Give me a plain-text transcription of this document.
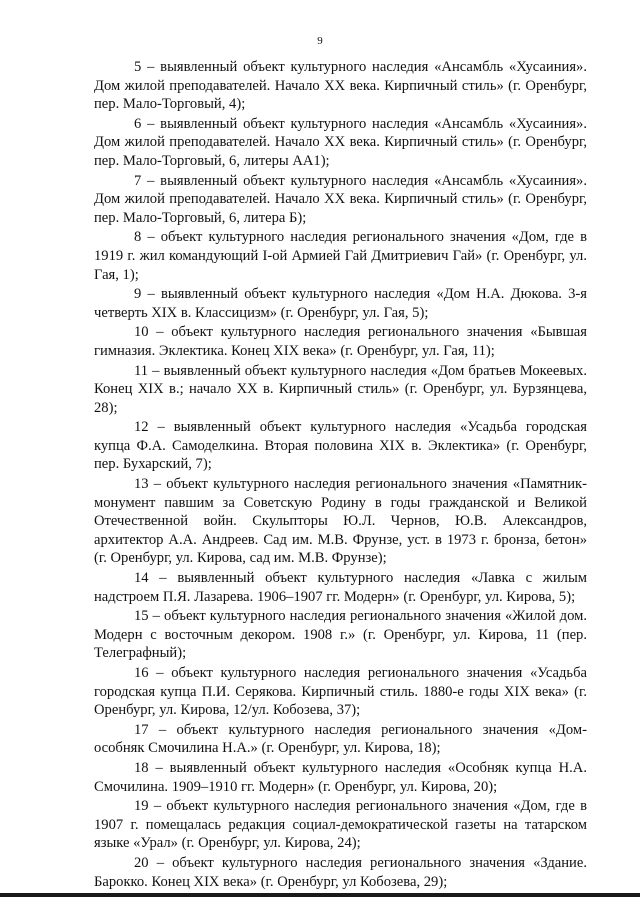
9

5 – выявленный объект культурного наследия «Ансамбль «Хусаиния». Дом жилой преподавателей. Начало XX века. Кирпичный стиль» (г. Оренбург, пер. Мало-Торговый, 4);

6 – выявленный объект культурного наследия «Ансамбль «Хусаиния». Дом жилой преподавателей. Начало XX века. Кирпичный стиль» (г. Оренбург, пер. Мало-Торговый, 6, литеры АА1);

7 – выявленный объект культурного наследия «Ансамбль «Хусаиния». Дом жилой преподавателей. Начало XX века. Кирпичный стиль» (г. Оренбург, пер. Мало-Торговый, 6, литера Б);

8 – объект культурного наследия регионального значения «Дом, где в 1919 г. жил командующий I-ой Армией Гай Дмитриевич Гай» (г. Оренбург, ул. Гая, 1);

9 – выявленный объект культурного наследия «Дом Н.А. Дюкова. 3-я четверть XIX в. Классицизм» (г. Оренбург, ул. Гая, 5);

10 – объект культурного наследия регионального значения «Бывшая гимназия. Эклектика. Конец XIX века» (г. Оренбург, ул. Гая, 11);

11 – выявленный объект культурного наследия «Дом братьев Мокеевых. Конец XIX в.; начало XX в. Кирпичный стиль» (г. Оренбург, ул. Бурзянцева, 28);

12 – выявленный объект культурного наследия «Усадьба городская купца Ф.А. Самоделкина. Вторая половина XIX в. Эклектика» (г. Оренбург, пер. Бухарский, 7);

13 – объект культурного наследия регионального значения «Памятник-монумент павшим за Советскую Родину в годы гражданской и Великой Отечественной войн. Скульпторы Ю.Л. Чернов, Ю.В. Александров, архитектор А.А. Андреев. Сад им. М.В. Фрунзе, уст. в 1973 г. бронза, бетон» (г. Оренбург, ул. Кирова, сад им. М.В. Фрунзе);

14 – выявленный объект культурного наследия «Лавка с жилым надстроем П.Я. Лазарева. 1906–1907 гг. Модерн» (г. Оренбург, ул. Кирова, 5);

15 – объект культурного наследия регионального значения «Жилой дом. Модерн с восточным декором. 1908 г.» (г. Оренбург, ул. Кирова, 11 (пер. Телеграфный);

16 – объект культурного наследия регионального значения «Усадьба городская купца П.И. Серякова. Кирпичный стиль. 1880-е годы XIX века» (г. Оренбург, ул. Кирова, 12/ул. Кобозева, 37);

17 – объект культурного наследия регионального значения «Дом-особняк Смочилина Н.А.» (г. Оренбург, ул. Кирова, 18);

18 – выявленный объект культурного наследия «Особняк купца Н.А. Смочилина. 1909–1910 гг. Модерн» (г. Оренбург, ул. Кирова, 20);

19 – объект культурного наследия регионального значения «Дом, где в 1907 г. помещалась редакция социал-демократической газеты на татарском языке «Урал» (г. Оренбург, ул. Кирова, 24);

20 – объект культурного наследия регионального значения «Здание. Барокко. Конец XIX века» (г. Оренбург, ул Кобозева, 29);
